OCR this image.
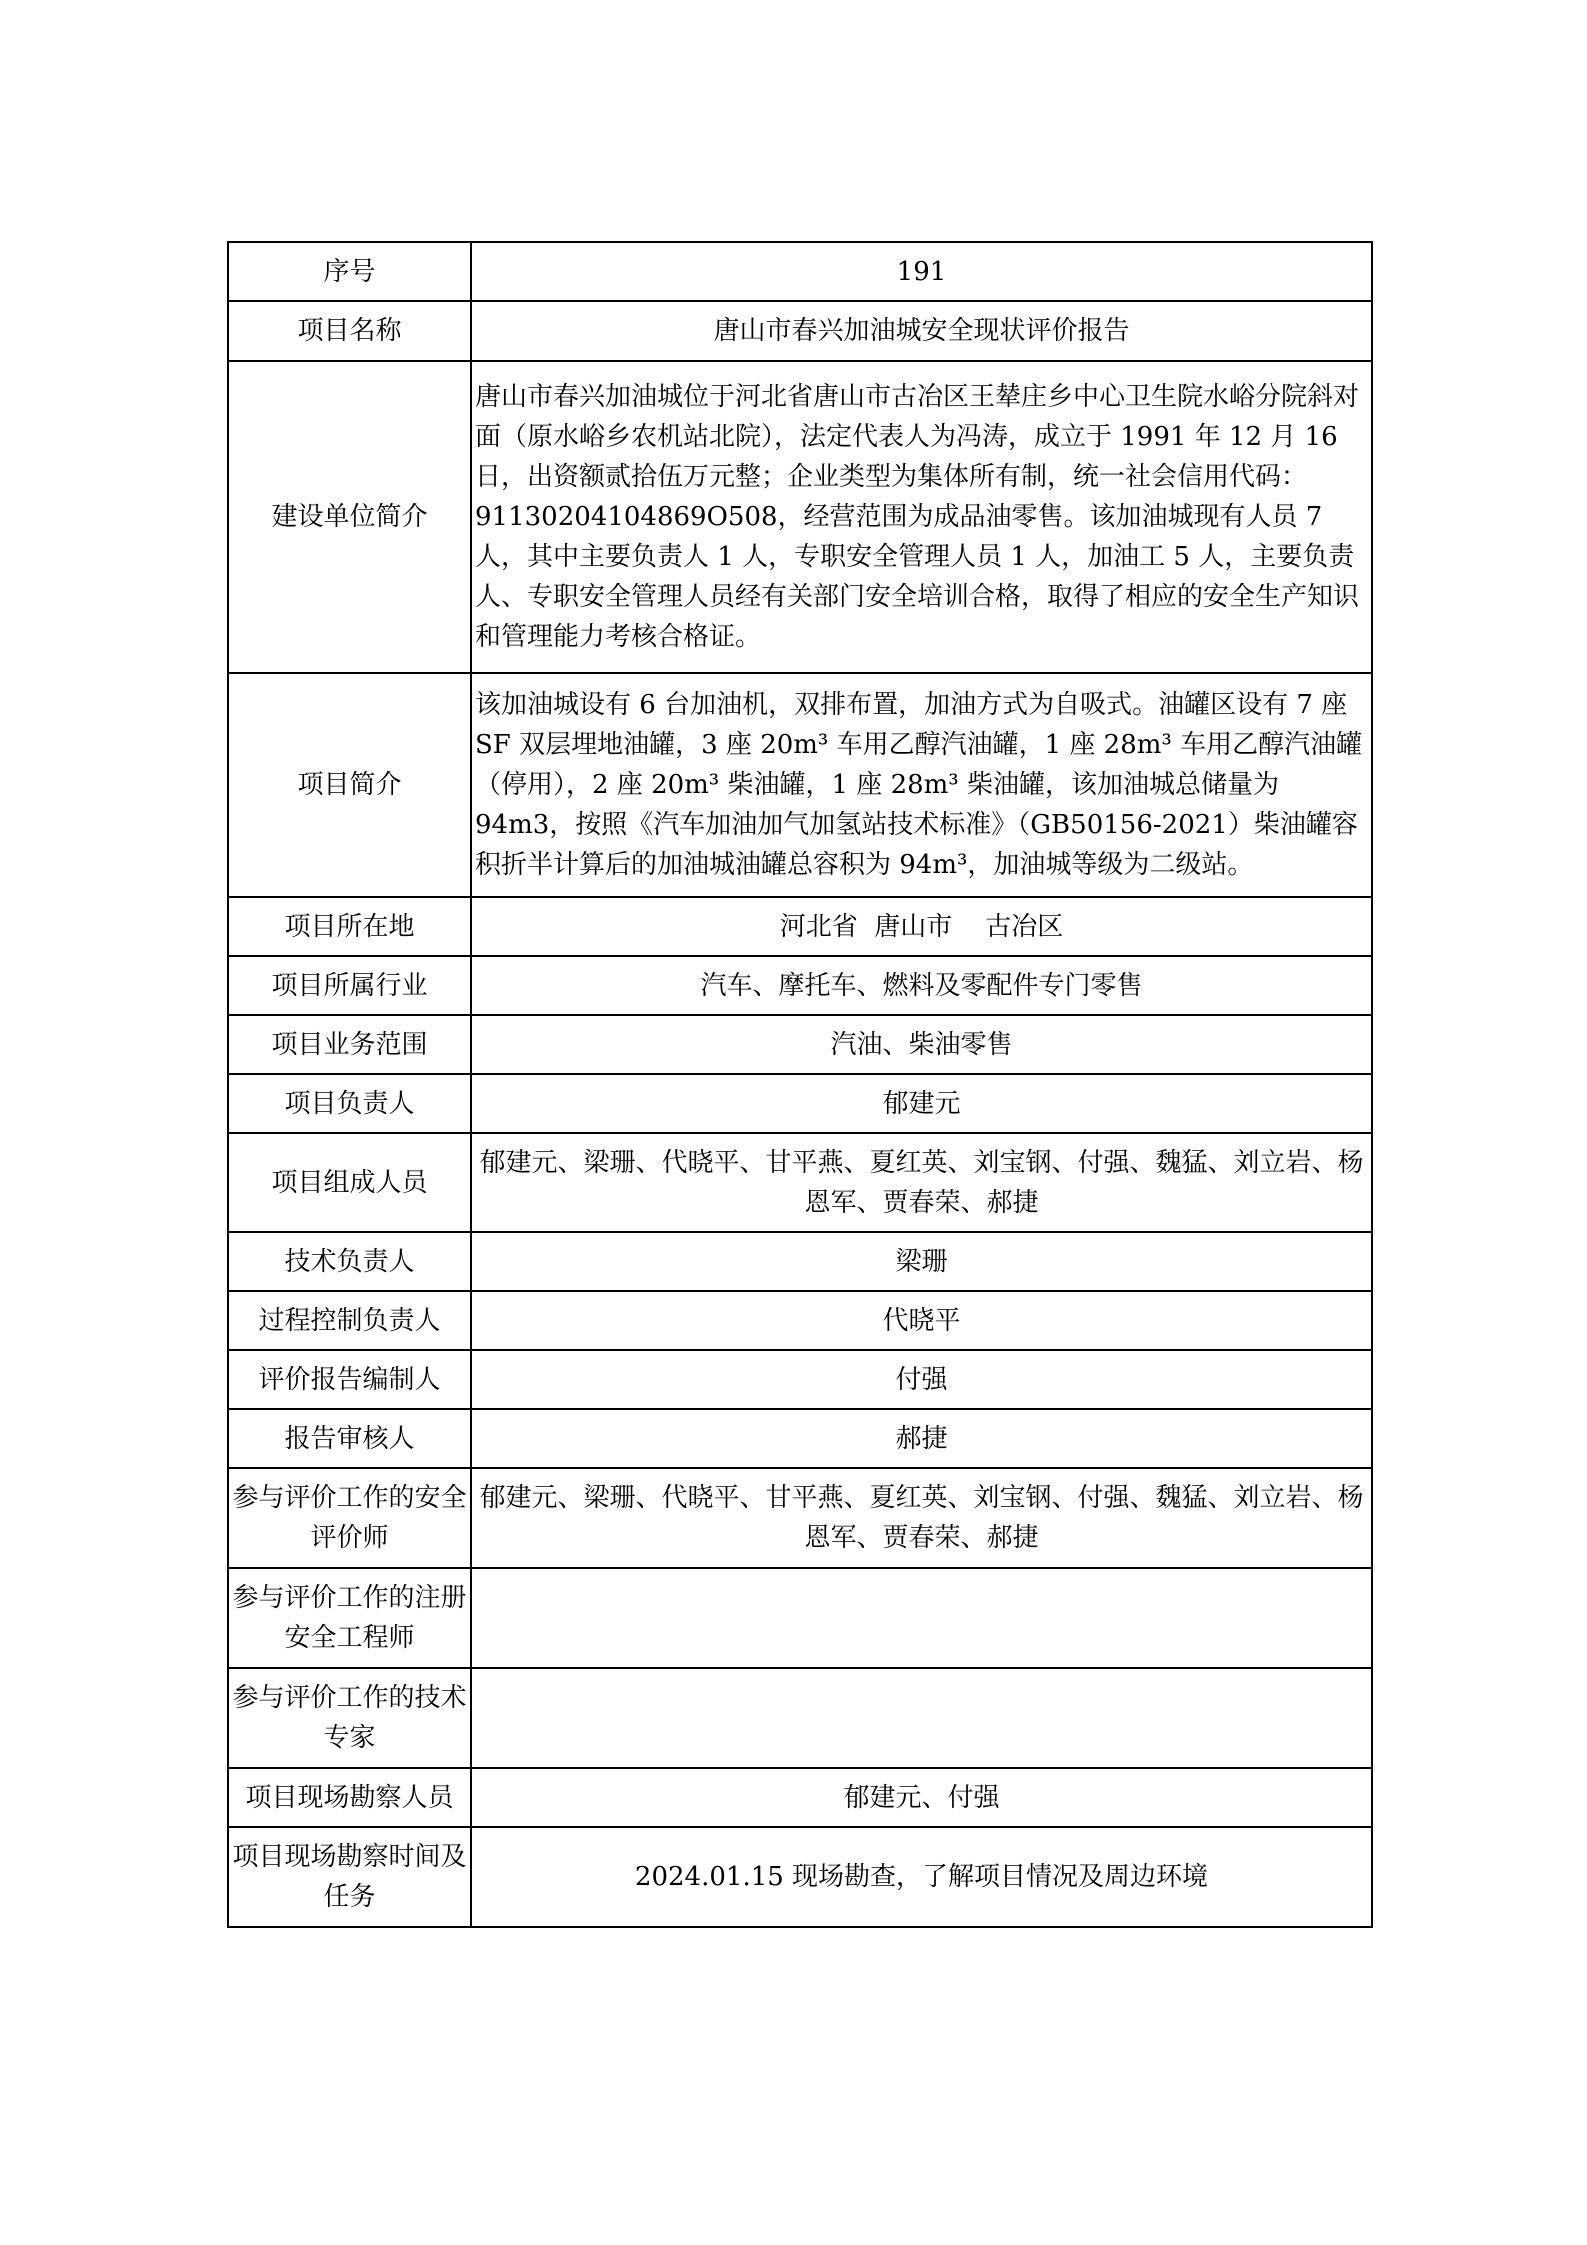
序号	191
项目名称	唐山市春兴加油城安全现状评价报告
建设单位简介	唐山市春兴加油城位于河北省唐山市古冶区王辇庄乡中心卫生院水峪分院斜对面（原水峪乡农机站北院），法定代表人为冯涛，成立于 1991 年 12 月 16 日，出资额贰拾伍万元整；企业类型为集体所有制，统一社会信用代码：91130204104869O508，经营范围为成品油零售。该加油城现有人员 7 人，其中主要负责人 1 人，专职安全管理人员 1 人，加油工 5 人，主要负责人、专职安全管理人员经有关部门安全培训合格，取得了相应的安全生产知识和管理能力考核合格证。
项目简介	该加油城设有 6 台加油机，双排布置，加油方式为自吸式。油罐区设有 7 座 SF 双层埋地油罐，3 座 20m³ 车用乙醇汽油罐，1 座 28m³ 车用乙醇汽油罐（停用），2 座 20m³ 柴油罐，1 座 28m³ 柴油罐，该加油城总储量为 94m3，按照《汽车加油加气加氢站技术标准》（GB50156-2021）柴油罐容积折半计算后的加油城油罐总容积为 94m³，加油城等级为二级站。
项目所在地	河北省  唐山市    古冶区
项目所属行业	汽车、摩托车、燃料及零配件专门零售
项目业务范围	汽油、柴油零售
项目负责人	郁建元
项目组成人员	郁建元、梁珊、代晓平、甘平燕、夏红英、刘宝钢、付强、魏猛、刘立岩、杨恩军、贾春荣、郝捷
技术负责人	梁珊
过程控制负责人	代晓平
评价报告编制人	付强
报告审核人	郝捷
参与评价工作的安全评价师	郁建元、梁珊、代晓平、甘平燕、夏红英、刘宝钢、付强、魏猛、刘立岩、杨恩军、贾春荣、郝捷
参与评价工作的注册安全工程师	
参与评价工作的技术专家	
项目现场勘察人员	郁建元、付强
项目现场勘察时间及任务	2024.01.15 现场勘查，了解项目情况及周边环境
